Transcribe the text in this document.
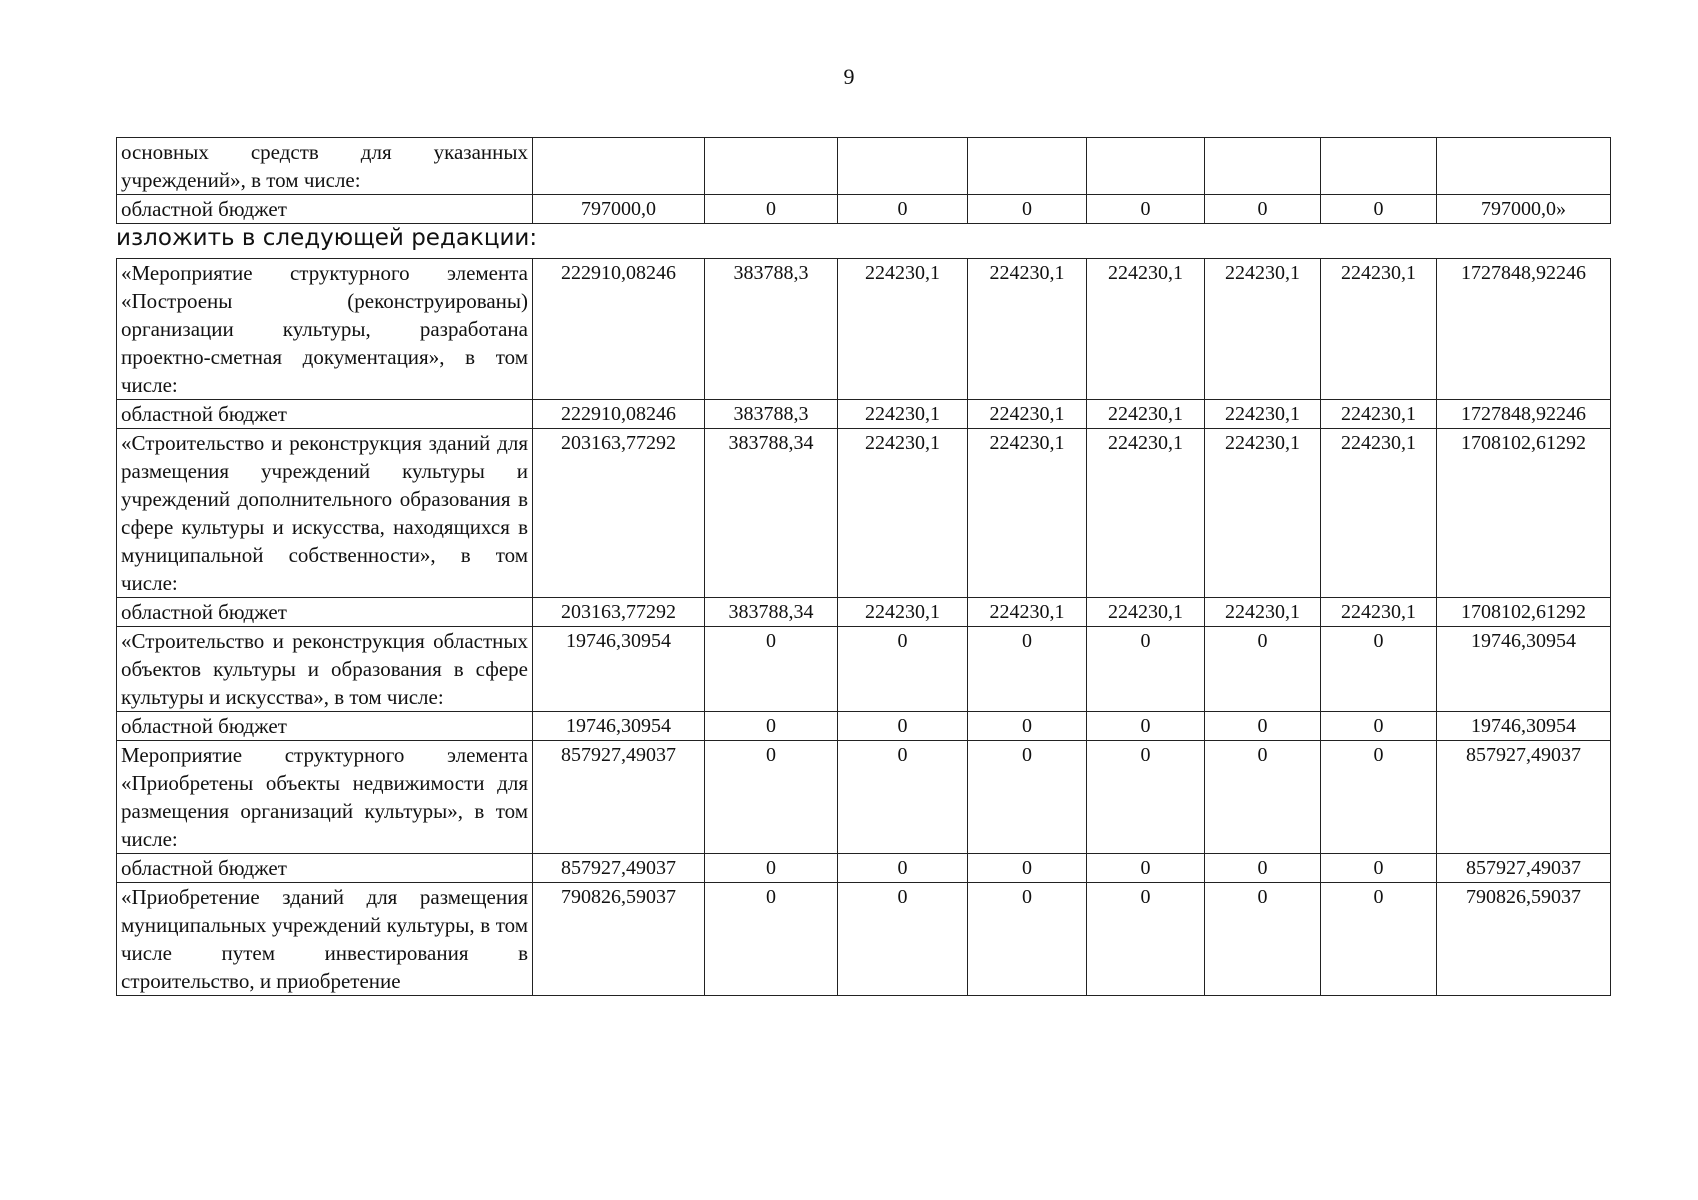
9
основных средств для указанных учреждений», в том числе:								
областной бюджет	797000,0	0	0	0	0	0	0	797000,0»
изложить в следующей редакции:
«Мероприятие структурного элемента «Построены (реконструированы) организации культуры, разработана проектно-сметная документация», в том числе:	222910,08246	383788,3	224230,1	224230,1	224230,1	224230,1	224230,1	1727848,92246
областной бюджет	222910,08246	383788,3	224230,1	224230,1	224230,1	224230,1	224230,1	1727848,92246
«Строительство и реконструкция зданий для размещения учреждений культуры и учреждений дополнительного образования в сфере культуры и искусства, находящихся в муниципальной собственности», в том числе:	203163,77292	383788,34	224230,1	224230,1	224230,1	224230,1	224230,1	1708102,61292
областной бюджет	203163,77292	383788,34	224230,1	224230,1	224230,1	224230,1	224230,1	1708102,61292
«Строительство и реконструкция областных объектов культуры и образования в сфере культуры и искусства», в том числе:	19746,30954	0	0	0	0	0	0	19746,30954
областной бюджет	19746,30954	0	0	0	0	0	0	19746,30954
Мероприятие структурного элемента «Приобретены объекты недвижимости для размещения организаций культуры», в том числе:	857927,49037	0	0	0	0	0	0	857927,49037
областной бюджет	857927,49037	0	0	0	0	0	0	857927,49037
«Приобретение зданий для размещения муниципальных учреждений культуры, в том числе путем инвестирования в строительство, и приобретение	790826,59037	0	0	0	0	0	0	790826,59037
